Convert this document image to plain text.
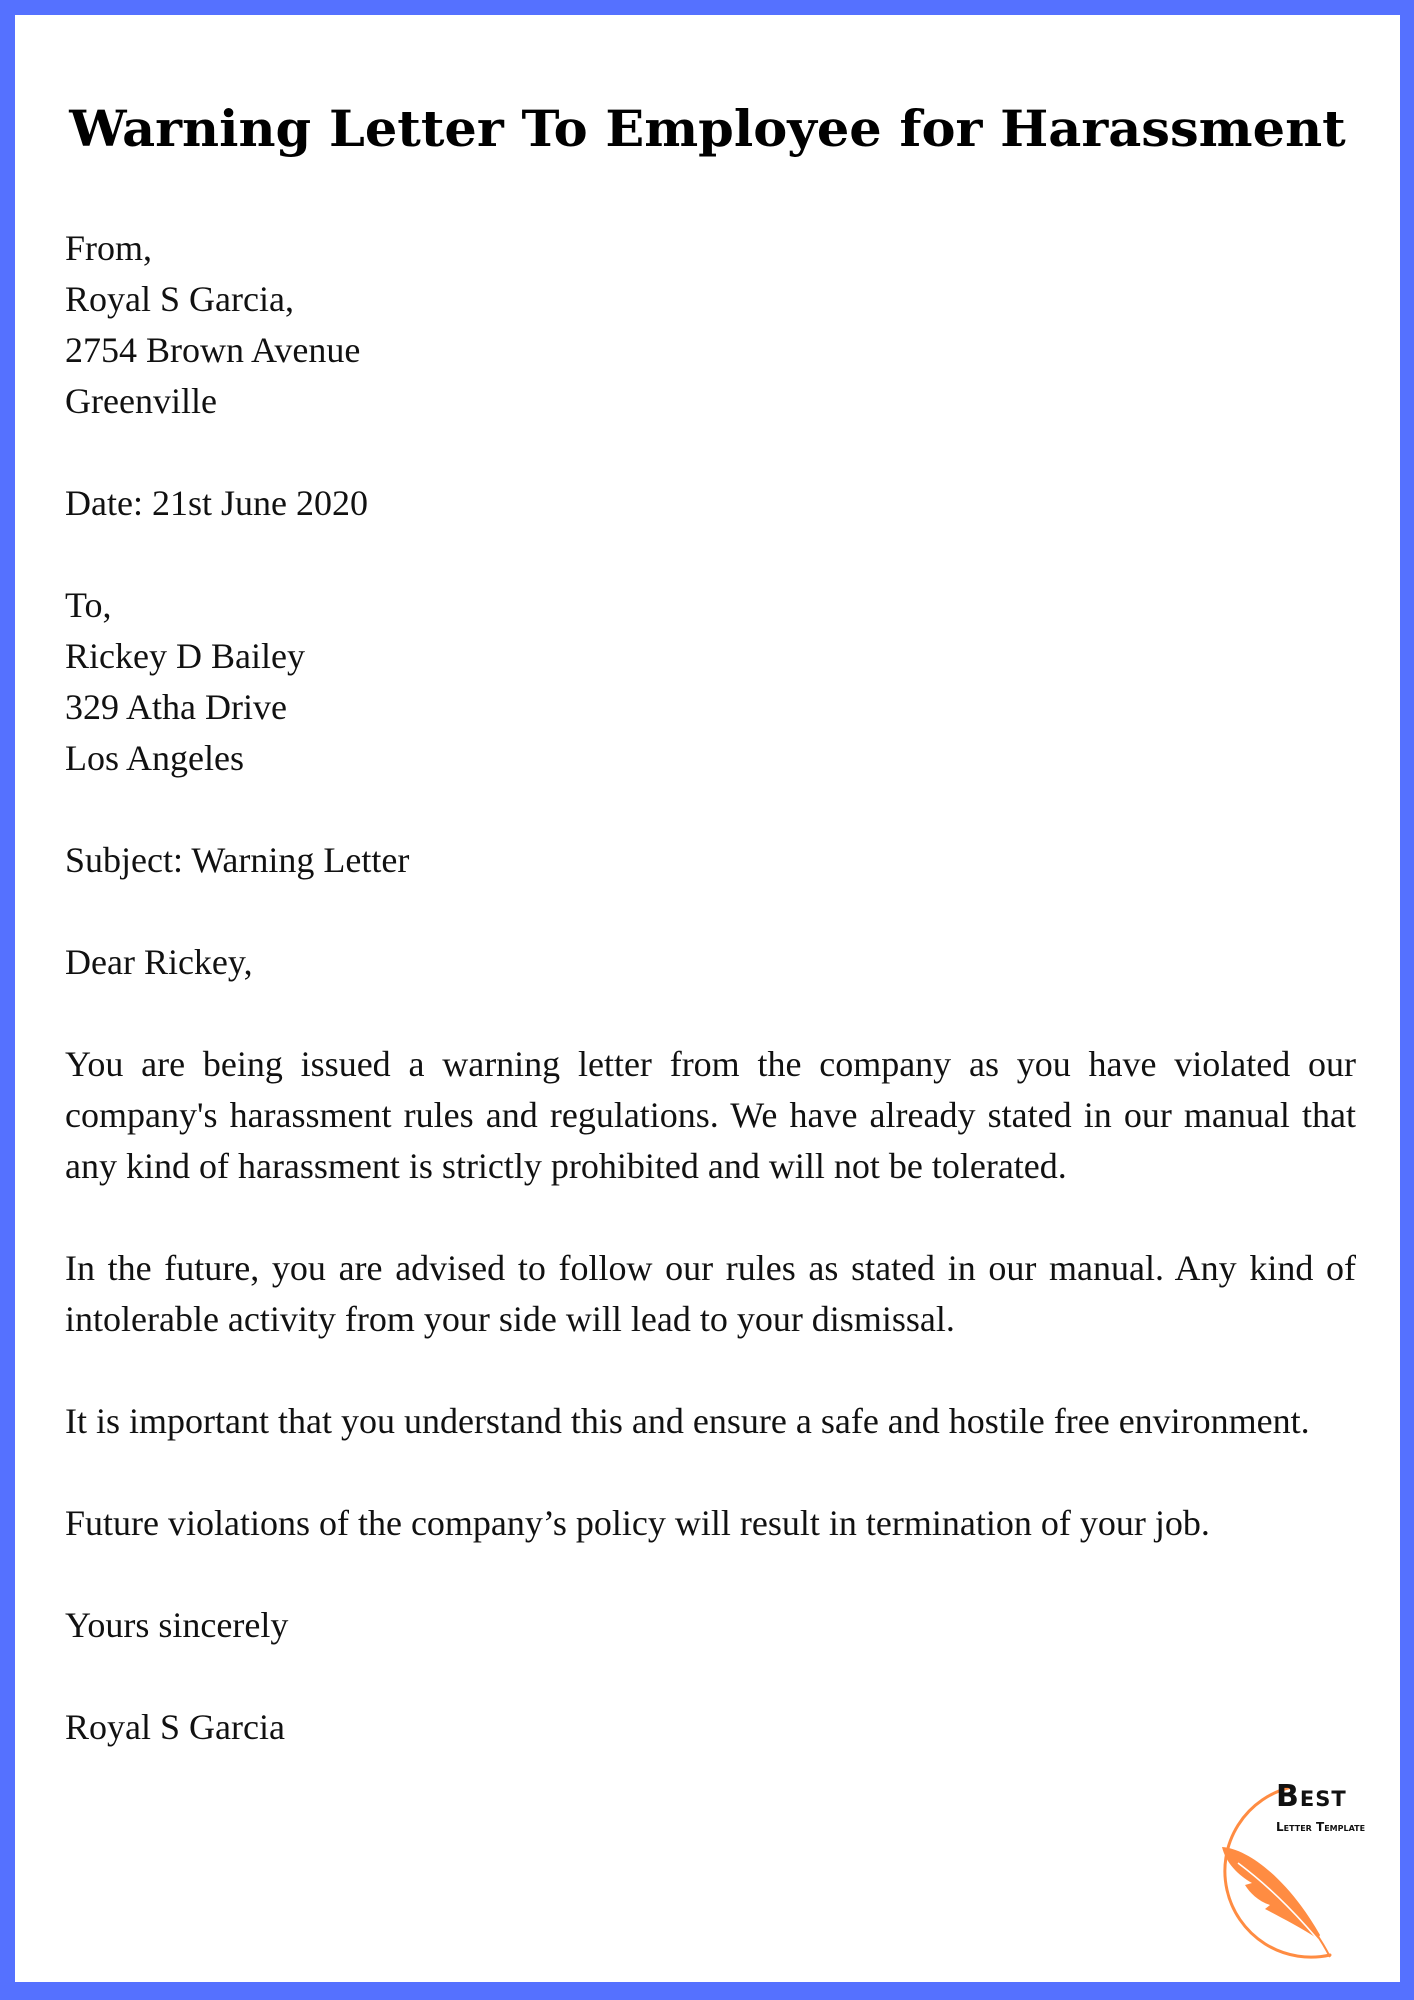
Warning Letter To Employee for Harassment
From,
Royal S Garcia,
2754 Brown Avenue
Greenville
Date: 21st June 2020
To,
Rickey D Bailey
329 Atha Drive
Los Angeles
Subject: Warning Letter
Dear Rickey,

You are being issued a warning letter from the company as you have violated our company's harassment rules and regulations. We have already stated in our manual that any kind of harassment is strictly prohibited and will not be tolerated.

In the future, you are advised to follow our rules as stated in our manual. Any kind of intolerable activity from your side will lead to your dismissal.

It is important that you understand this and ensure a safe and hostile free environment.

Future violations of the company’s policy will result in termination of your job.

Yours sincerely
Royal S Garcia
Best
Letter Template
